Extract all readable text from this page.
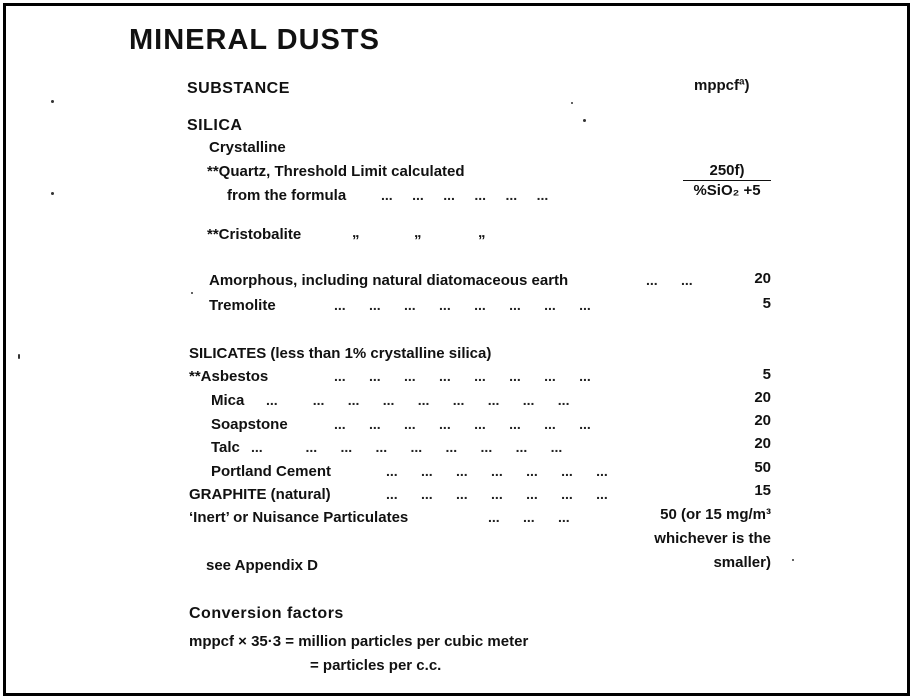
MINERAL DUSTS
SUBSTANCE	mppcfª)
SILICA
Crystalline
**Quartz, Threshold Limit calculated
from the formula ... ... ... ... ... ...
250f)
%SiO₂ +5
**Cristobalite	„	„	„
Amorphous, including natural diatomaceous earth	... ...	20
Tremolite	... ... ... ... ... ... ... ...	5
SILICATES (less than 1% crystalline silica)
**Asbestos	... ... ... ... ... ... ... ...	5
Mica ...	... ... ... ... ... ... ... ...	20
Soapstone	... ... ... ... ... ... ... ...	20
Talc ...	... ... ... ... ... ... ... ...	20
Portland Cement	... ... ... ... ... ... ...	50
GRAPHITE (natural)	... ... ... ... ... ... ...	15
‘Inert’ or Nuisance Particulates	... ... ...	50 (or 15 mg/m³
whichever is the
smaller)
see Appendix D
Conversion factors
mppcf × 35·3 = million particles per cubic meter
= particles per c.c.
